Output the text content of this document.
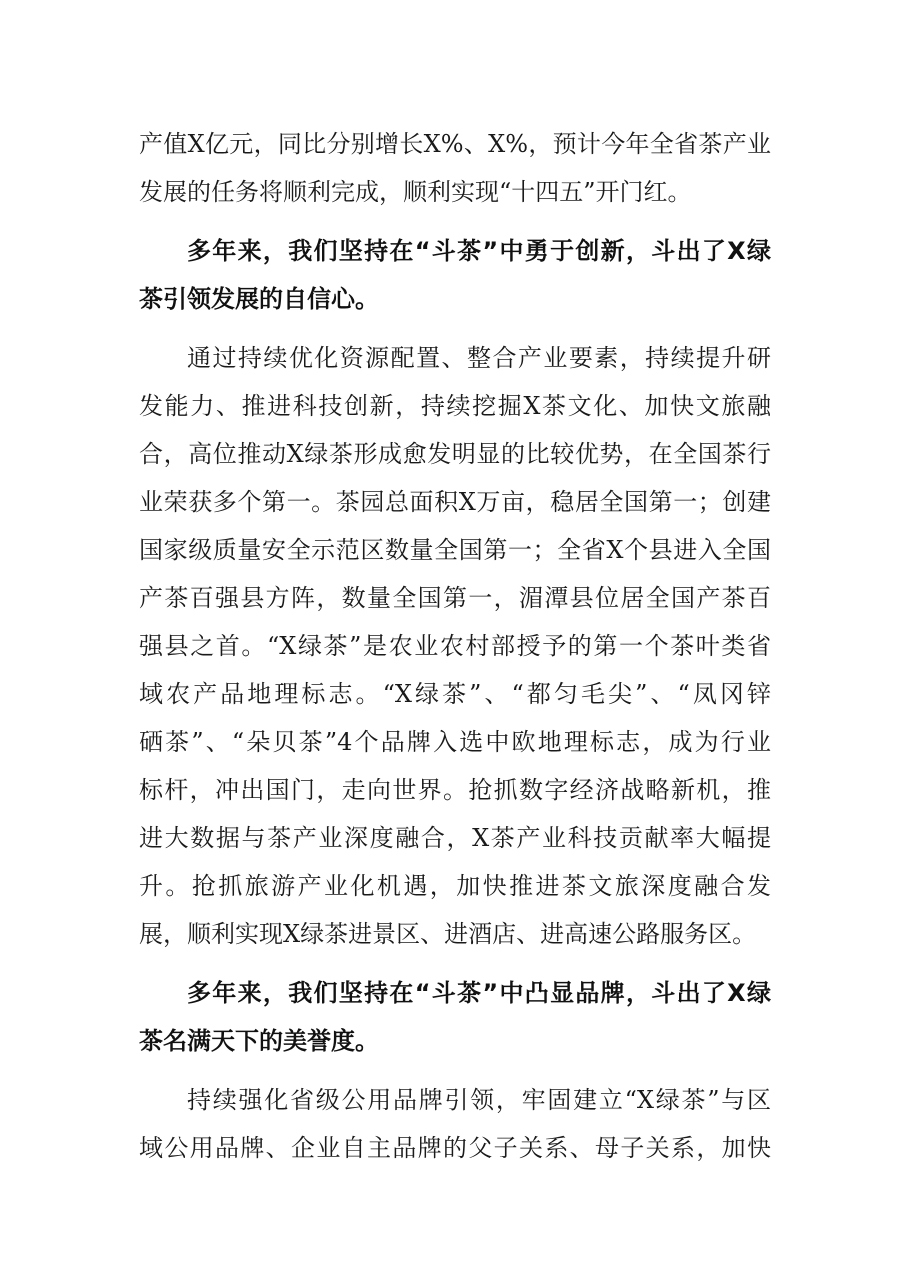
产值X亿元，同比分别增长X%、X%，预计今年全省茶产业
发展的任务将顺利完成，顺利实现“十四五”开门红。
多年来，我们坚持在“斗茶”中勇于创新，斗出了X绿
茶引领发展的自信心。
通过持续优化资源配置、整合产业要素，持续提升研
发能力、推进科技创新，持续挖掘X茶文化、加快文旅融
合，高位推动X绿茶形成愈发明显的比较优势，在全国茶行
业荣获多个第一。茶园总面积X万亩，稳居全国第一；创建
国家级质量安全示范区数量全国第一；全省X个县进入全国
产茶百强县方阵，数量全国第一，湄潭县位居全国产茶百
强县之首。“X绿茶”是农业农村部授予的第一个茶叶类省
域农产品地理标志。“X绿茶”、“都匀毛尖”、“凤冈锌
硒茶”、“朵贝茶”4个品牌入选中欧地理标志，成为行业
标杆，冲出国门，走向世界。抢抓数字经济战略新机，推
进大数据与茶产业深度融合，X茶产业科技贡献率大幅提
升。抢抓旅游产业化机遇，加快推进茶文旅深度融合发
展，顺利实现X绿茶进景区、进酒店、进高速公路服务区。
多年来，我们坚持在“斗茶”中凸显品牌，斗出了X绿
茶名满天下的美誉度。
持续强化省级公用品牌引领，牢固建立“X绿茶”与区
域公用品牌、企业自主品牌的父子关系、母子关系，加快
